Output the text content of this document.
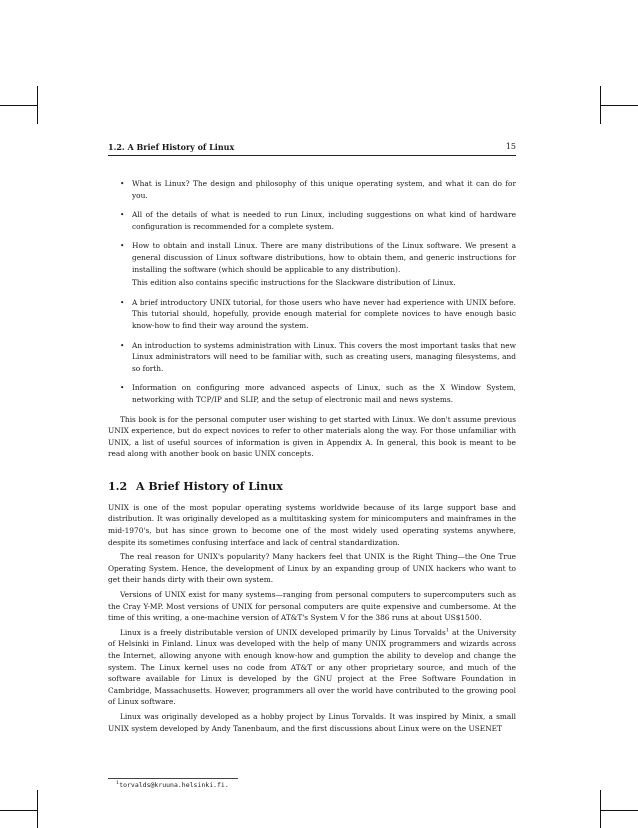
1.2. A Brief History of Linux	15
• What is Linux? The design and philosophy of this unique operating system, and what it can do for you.

• All of the details of what is needed to run Linux, including suggestions on what kind of hardware configuration is recommended for a complete system.

• How to obtain and install Linux. There are many distributions of the Linux software. We present a general discussion of Linux software distributions, how to obtain them, and generic instructions for installing the software (which should be applicable to any distribution).

This edition also contains specific instructions for the Slackware distribution of Linux.

• A brief introductory UNIX tutorial, for those users who have never had experience with UNIX before. This tutorial should, hopefully, provide enough material for complete novices to have enough basic know-how to find their way around the system.

• An introduction to systems administration with Linux. This covers the most important tasks that new Linux administrators will need to be familiar with, such as creating users, managing filesystems, and so forth.

• Information on configuring more advanced aspects of Linux, such as the X Window System, networking with TCP/IP and SLIP, and the setup of electronic mail and news systems.

This book is for the personal computer user wishing to get started with Linux. We don't assume previous UNIX experience, but do expect novices to refer to other materials along the way. For those unfamiliar with UNIX, a list of useful sources of information is given in Appendix A. In general, this book is meant to be read along with another book on basic UNIX concepts.

1.2 A Brief History of Linux

UNIX is one of the most popular operating systems worldwide because of its large support base and distribution. It was originally developed as a multitasking system for minicomputers and mainframes in the mid-1970's, but has since grown to become one of the most widely used operating systems anywhere, despite its sometimes confusing interface and lack of central standardization.

The real reason for UNIX's popularity? Many hackers feel that UNIX is the Right Thing—the One True Operating System. Hence, the development of Linux by an expanding group of UNIX hackers who want to get their hands dirty with their own system.

Versions of UNIX exist for many systems—ranging from personal computers to supercomputers such as the Cray Y-MP. Most versions of UNIX for personal computers are quite expensive and cumbersome. At the time of this writing, a one-machine version of AT&T's System V for the 386 runs at about US$1500.

Linux is a freely distributable version of UNIX developed primarily by Linus Torvalds$^1$ at the University of Helsinki in Finland. Linux was developed with the help of many UNIX programmers and wizards across the Internet, allowing anyone with enough know-how and gumption the ability to develop and change the system. The Linux kernel uses no code from AT&T or any other proprietary source, and much of the software available for Linux is developed by the GNU project at the Free Software Foundation in Cambridge, Massachusetts. However, programmers all over the world have contributed to the growing pool of Linux software.

Linux was originally developed as a hobby project by Linus Torvalds. It was inspired by Minix, a small UNIX system developed by Andy Tanenbaum, and the first discussions about Linux were on the USENET

$^1$torvalds@kruuna.helsinki.fi.
